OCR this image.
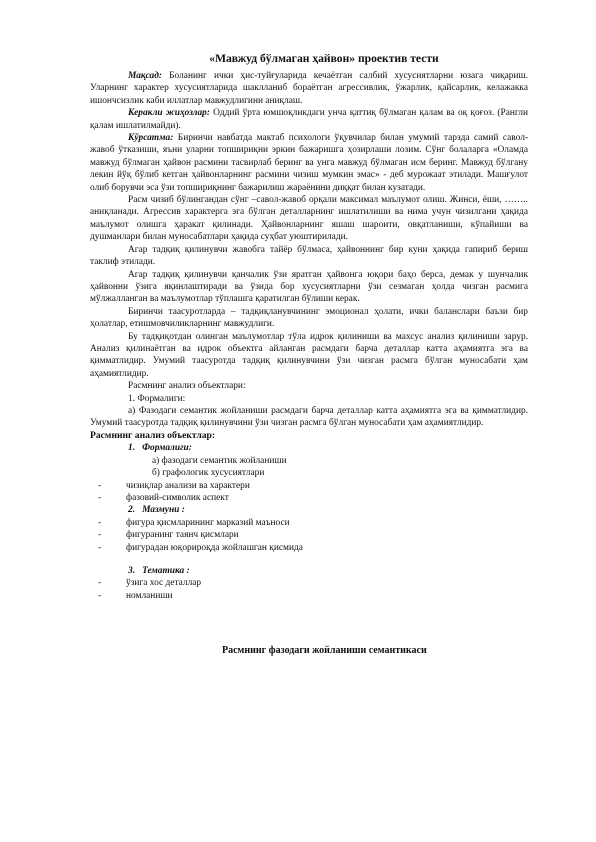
«Мавжуд бўлмаган ҳайвон» проектив тести

Мақсад: Боланинг ички ҳис-туйғуларида кечаётган салбий хусусиятларни юзага чиқариш. Уларнинг характер хусусиятларида шаклланиб бораётган агрессивлик, ўжарлик, қайсарлик, келажакка ишончсизлик каби иллатлар мавжудлигини аниқлаш.

Керакли жиҳозлар: Оддий ўрта юмшоқликдаги унча қаттиқ бўлмаган қалам ва оқ қоғоз. (Рангли қалам ишлатилмайди).

Кўрсатма: Биринчи навбатда мактаб психологи ўқувчилар билан умумий тарзда самий савол-жавоб ўтказиши, яъни уларни топшириқни эркин бажаришга ҳозирлаши лозим. Сўнг болаларга «Оламда мавжуд бўлмаган ҳайвон расмини тасвирлаб беринг ва унга мавжуд бўлмаган исм беринг. Мавжуд бўлгану лекин йўқ бўлиб кетган ҳайвонларнинг расмини чизиш мумкин эмас» - деб мурожаат этилади. Машғулот олиб борувчи эса ўзи топшириқнинг бажарилиш жараёнини диққат билан кузатади.

Расм чизиб бўлингандан сўнг –савол-жавоб орқали максимал маълумот олиш. Жинси, ёши, …….. аниқланади. Агрессив характерга эга бўлган деталларнинг ишлатилиши ва нима учун чизилгани ҳақида маълумот олишга ҳаракат қилинади. Ҳайвонларнинг яшаш шароити, овқатланиши, кўпайиши ва душманлари билан муносабатлари ҳақида суҳбат уюштирилади.

Агар тадқиқ қилинувчи жавобга тайёр бўлмаса, ҳайвоннинг бир куни ҳақида гапириб бериш таклиф этилади.

Агар тадқиқ қилинувчи қанчалик ўзи яратган ҳайвонга юқори баҳо берса, демак у шунчалик ҳайвонни ўзига яқинлаштиради ва ўзида бор хусусиятларни ўзи сезмаган ҳолда чизган расмига мўлжалланган ва маълумотлар тўплашга қаратилган бўлиши керак.

Биринчи таасуротларда – тадқиқланувчининг эмоционал ҳолати, ички баланслари баъзи бир ҳолатлар, етишмовчиликларнинг мавжудлиги.

Бу тадқиқотдан олинган маълумотлар тўла идрок қилиниши ва махсус анализ қилиниши зарур. Анализ қилинаётган ва идрок объектга айланган расмдаги барча деталлар катта аҳамиятга эга ва қимматлидир. Умумий таасуротда тадқиқ қилинувчини ўзи чизган расмга бўлган муносабати ҳам аҳамиятлидир.

Расмнинг анализ объектлари:
1. Формалиги:

а) Фазодаги семантик жойланиши расмдаги барча деталлар катта аҳамиятга эга ва қимматлидир. Умумий таасуротда тадқиқ қилинувчини ўзи чизган расмга бўлган муносабати ҳам аҳамиятлидир.

Расмнинг анализ объектлар:
1. Формалиги:
а) фазодаги семантик жойланиши
б) графологик хусусиятлари
-	чизиқлар анализи ва характери
-	фазовий-символик аспект
2. Мазмуни :
-	фигура қисмларининг марказий маъноси
-	фигуранинг таянч қисмлари
-	фигурадан юқорироқда жойлашган қисмида
3. Тематика :
-	ўзига хос деталлар
-	номланиши
Расмнинг фазодаги жойланиши семантикаси
